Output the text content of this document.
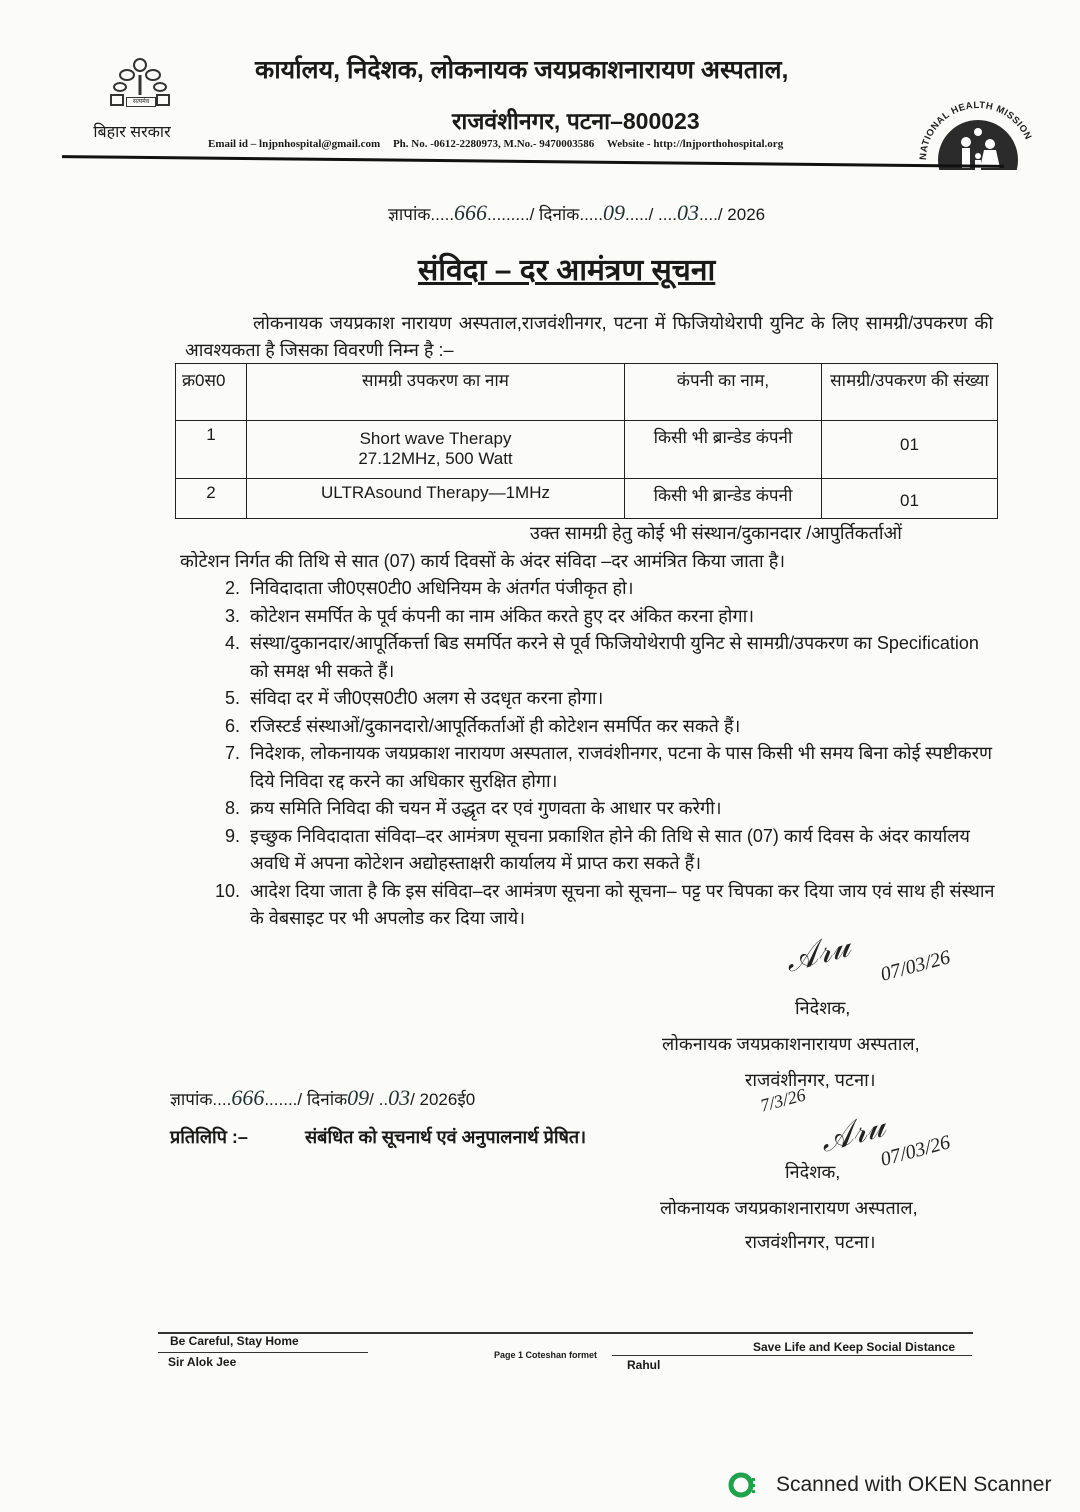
सत्यमेव
बिहार सरकार
कार्यालय, निदेशक, लोकनायक जयप्रकाशनारायण अस्पताल,
राजवंशीनगर, पटना–800023
Email id – lnjpnhospital@gmail.com Ph. No. -0612-2280973, M.No.- 9470003586 Website - http://lnjporthohospital.org
NATIONAL HEALTH MISSION
ज्ञापांक.....666........./ दिनांक.....09...../ ....03..../ 2026
संविदा – दर आमंत्रण सूचना
लोकनायक जयप्रकाश नारायण अस्पताल,राजवंशीनगर, पटना में फिजियोथेरापी युनिट के लिए सामग्री/उपकरण की आवश्यकता है जिसका विवरणी निम्न है :–
क्र0स0	सामग्री उपकरण का नाम	कंपनी का नाम,	सामग्री/उपकरण की संख्या
1	Short wave Therapy 27.12MHz, 500 Watt	किसी भी ब्रान्डेड कंपनी	01
2	ULTRAsound Therapy—1MHz	किसी भी ब्रान्डेड कंपनी	01
उक्त सामग्री हेतु कोई भी संस्थान/दुकानदार /आपुर्तिकर्ताओं
कोटेशन निर्गत की तिथि से सात (07) कार्य दिवसों के अंदर संविदा –दर आमंत्रित किया जाता है।
2. निविदादाता जी0एस0टी0 अधिनियम के अंतर्गत पंजीकृत हो।
3. कोटेशन समर्पित के पूर्व कंपनी का नाम अंकित करते हुए दर अंकित करना होगा।
4. संस्था/दुकानदार/आपूर्तिकर्त्ता बिड समर्पित करने से पूर्व फिजियोथेरापी युनिट से सामग्री/उपकरण का Specification को समक्ष भी सकते हैं।
5. संविदा दर में जी0एस0टी0 अलग से उदधृत करना होगा।
6. रजिस्टर्ड संस्थाओं/दुकानदारो/आपूर्तिकर्ताओं ही कोटेशन समर्पित कर सकते हैं।
7. निदेशक, लोकनायक जयप्रकाश नारायण अस्पताल, राजवंशीनगर, पटना के पास किसी भी समय बिना कोई स्पष्टीकरण दिये निविदा रद्द करने का अधिकार सुरक्षित होगा।
8. क्रय समिति निविदा की चयन में उद्धृत दर एवं गुणवता के आधार पर करेगी।
9. इच्छुक निविदादाता संविदा–दर आमंत्रण सूचना प्रकाशित होने की तिथि से सात (07) कार्य दिवस के अंदर कार्यालय अवधि में अपना कोटेशन अद्योहस्ताक्षरी कार्यालय में प्राप्त करा सकते हैं।
10. आदेश दिया जाता है कि इस संविदा–दर आमंत्रण सूचना को सूचना– पट्ट पर चिपका कर दिया जाय एवं साथ ही संस्थान के वेबसाइट पर भी अपलोड कर दिया जाये।
𝒜𝓇𝓊 07/03/26
निदेशक,
लोकनायक जयप्रकाशनारायण अस्पताल,
राजवंशीनगर, पटना।
ज्ञापांक....666......./ दिनांक09/ ..03/ 2026ई0
प्रतिलिपि :–	संबंधित को सूचनार्थ एवं अनुपालनार्थ प्रेषित।
7/3/26
𝒜𝓇𝓊
07/03/26
निदेशक,
लोकनायक जयप्रकाशनारायण अस्पताल,
राजवंशीनगर, पटना।
Be Careful, Stay Home
Sir Alok Jee	Page 1 Coteshan formet
Save Life and Keep Social Distance
Rahul
Scanned with OKEN Scanner
